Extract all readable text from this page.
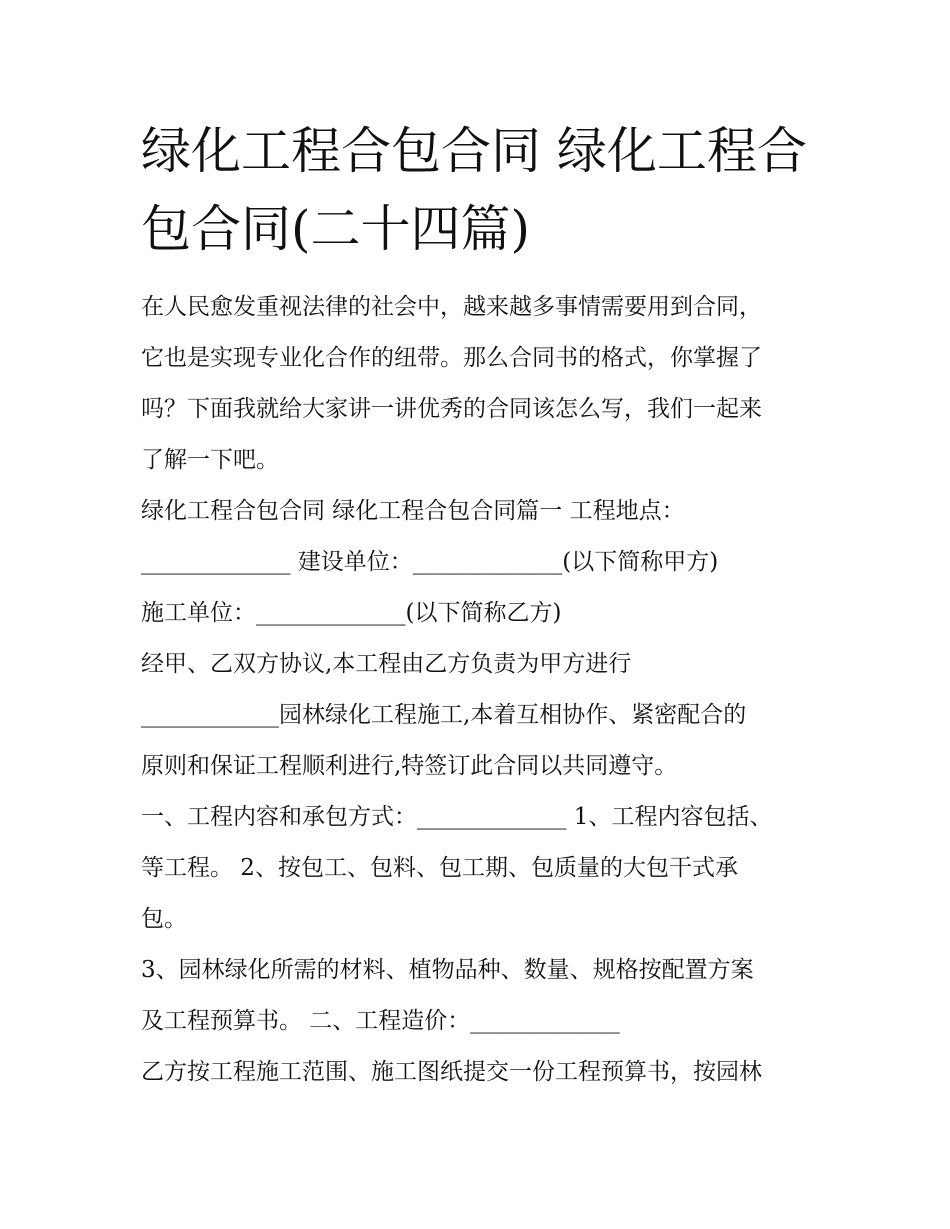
绿化工程合包合同 绿化工程合
包合同(二十四篇)
在人民愈发重视法律的社会中，越来越多事情需要用到合同，
它也是实现专业化合作的纽带。那么合同书的格式，你掌握了
吗？下面我就给大家讲一讲优秀的合同该怎么写，我们一起来
了解一下吧。
绿化工程合包合同 绿化工程合包合同篇一 工程地点：
_____________ 建设单位：_____________(以下简称甲方)
施工单位：_____________(以下简称乙方)
经甲、乙双方协议,本工程由乙方负责为甲方进行
____________园林绿化工程施工,本着互相协作、紧密配合的
原则和保证工程顺利进行,特签订此合同以共同遵守。
一、工程内容和承包方式：_____________ 1、工程内容包括、
等工程。 2、按包工、包料、包工期、包质量的大包干式承
包。
3、园林绿化所需的材料、植物品种、数量、规格按配置方案
及工程预算书。 二、工程造价：_____________
乙方按工程施工范围、施工图纸提交一份工程预算书，按园林
